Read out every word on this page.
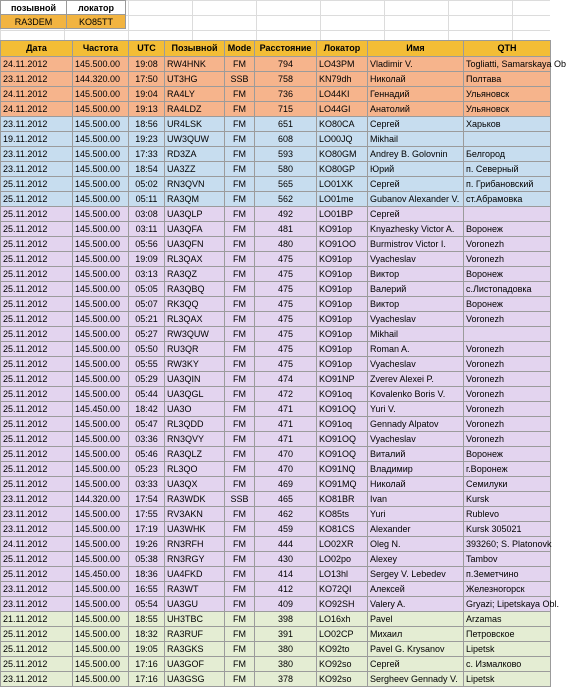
позывной	локатор
RA3DEM	KO85TT
Дата	Частота	UTC	Позывной	Mode	Расстояние	Локатор	Имя	QTH
24.11.2012	145.500.00	19:08	RW4HNK	FM	794	LO43PM	Vladimir V.	Togliatti, Samarskaya Ob
23.11.2012	144.320.00	17:50	UT3HG	SSB	758	KN79dh	Николай	Полтава
24.11.2012	145.500.00	19:04	RA4LY	FM	736	LO44KI	Геннадий	Ульяновск
24.11.2012	145.500.00	19:13	RA4LDZ	FM	715	LO44GI	Анатолий	Ульяновск
23.11.2012	145.500.00	18:56	UR4LSK	FM	651	KO80CA	Сергей	Харьков
19.11.2012	145.500.00	19:23	UW3QUW	FM	608	LO00JQ	Mikhail	
23.11.2012	145.500.00	17:33	RD3ZA	FM	593	KO80GM	Andrey B. Golovnin	Белгород
23.11.2012	145.500.00	18:54	UA3ZZ	FM	580	KO80GP	Юрий	п. Северный
25.11.2012	145.500.00	05:02	RN3QVN	FM	565	LO01XK	Сергей	п. Грибановский
25.11.2012	145.500.00	05:11	RA3QM	FM	562	LO01me	Gubanov Alexander V.	ст.Абрамовка
25.11.2012	145.500.00	03:08	UA3QLP	FM	492	LO01BP	Сергей	
25.11.2012	145.500.00	03:11	UA3QFA	FM	481	KO91op	Knyazhesky Victor A.	Воронеж
25.11.2012	145.500.00	05:56	UA3QFN	FM	480	KO91OO	Burmistrov Victor I.	Voronezh
25.11.2012	145.500.00	19:09	RL3QAX	FM	475	KO91op	Vyacheslav	Voronezh
25.11.2012	145.500.00	03:13	RA3QZ	FM	475	KO91op	Виктор	Воронеж
25.11.2012	145.500.00	05:05	RA3QBQ	FM	475	KO91op	Валерий	с.Листопадовка
25.11.2012	145.500.00	05:07	RK3QQ	FM	475	KO91op	Виктор	Воронеж
25.11.2012	145.500.00	05:21	RL3QAX	FM	475	KO91op	Vyacheslav	Voronezh
25.11.2012	145.500.00	05:27	RW3QUW	FM	475	KO91op	Mikhail	
25.11.2012	145.500.00	05:50	RU3QR	FM	475	KO91op	Roman A.	Voronezh
25.11.2012	145.500.00	05:55	RW3KY	FM	475	KO91op	Vyacheslav	Voronezh
25.11.2012	145.500.00	05:29	UA3QIN	FM	474	KO91NP	Zverev Alexei P.	Voronezh
25.11.2012	145.500.00	05:44	UA3QGL	FM	472	KO91oq	Kovalenko Boris V.	Voronezh
25.11.2012	145.450.00	18:42	UA3O	FM	471	KO91OQ	Yuri V.	Voronezh
25.11.2012	145.500.00	05:47	RL3QDD	FM	471	KO91oq	Gennady Alpatov	Voronezh
25.11.2012	145.500.00	03:36	RN3QVY	FM	471	KO91OQ	Vyacheslav	Voronezh
25.11.2012	145.500.00	05:46	RA3QLZ	FM	470	KO91OQ	Виталий	Воронеж
25.11.2012	145.500.00	05:23	RL3QO	FM	470	KO91NQ	Владимир	г.Воронеж
25.11.2012	145.500.00	03:33	UA3QX	FM	469	KO91MQ	Николай	Семилуки
23.11.2012	144.320.00	17:54	RA3WDK	SSB	465	KO81BR	Ivan	Kursk
23.11.2012	145.500.00	17:55	RV3AKN	FM	462	KO85ts	Yuri	Rublevo
23.11.2012	145.500.00	17:19	UA3WHK	FM	459	KO81CS	Alexander	Kursk 305021
24.11.2012	145.500.00	19:26	RN3RFH	FM	444	LO02XR	Oleg N.	393260; S. Platonovk
25.11.2012	145.500.00	05:38	RN3RGY	FM	430	LO02po	Alexey	Tambov
25.11.2012	145.450.00	18:36	UA4FKD	FM	414	LO13hl	Sergey V. Lebedev	п.Земетчино
23.11.2012	145.500.00	16:55	RA3WT	FM	412	KO72QI	Алексей	Железногорск
23.11.2012	145.500.00	05:54	UA3GU	FM	409	KO92SH	Valery A.	Gryazi; Lipetskaya Obl.
21.11.2012	145.500.00	18:55	UH3TBC	FM	398	LO16xh	Pavel	Arzamas
25.11.2012	145.500.00	18:32	RA3RUF	FM	391	LO02CP	Михаил	Петровское
25.11.2012	145.500.00	19:05	RA3GKS	FM	380	KO92to	Pavel G. Krysanov	Lipetsk
25.11.2012	145.500.00	17:16	UA3GOF	FM	380	KO92so	Сергей	с. Измалково
23.11.2012	145.500.00	17:16	UA3GSG	FM	378	KO92so	Sergheev Gennady V.	Lipetsk
